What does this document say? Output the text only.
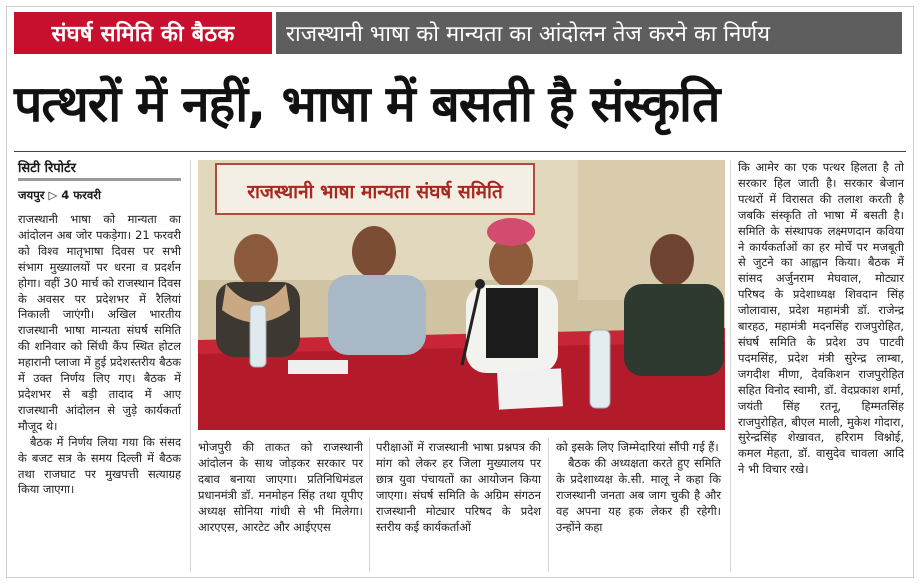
संघर्ष समिति की बैठक	राजस्थानी भाषा को मान्यता का आंदोलन तेज करने का निर्णय
पत्थरों में नहीं, भाषा में बसती है संस्कृति
सिटी रिपोर्टर
जयपुर ▷ 4 फरवरी

राजस्थानी भाषा को मान्यता का आंदोलन अब जोर पकड़ेगा। 21 फरवरी को विश्व मातृभाषा दिवस पर सभी संभाग मुख्यालयों पर धरना व प्रदर्शन होगा। वहीं 30 मार्च को राजस्थान दिवस के अवसर पर प्रदेशभर में रैलियां निकाली जाएंगी। अखिल भारतीय राजस्थानी भाषा मान्यता संघर्ष समिति की शनिवार को सिंधी कैंप स्थित होटल महारानी प्लाजा में हुई प्रदेशस्तरीय बैठक में उक्त निर्णय लिए गए। बैठक में प्रदेशभर से बड़ी तादाद में आए राजस्थानी आंदोलन से जुड़े कार्यकर्ता मौजूद थे।

बैठक में निर्णय लिया गया कि संसद के बजट सत्र के समय दिल्ली में बैठक तथा राजघाट पर मुखपत्ती सत्याग्रह किया जाएगा।

राजस्थानी भाषा मान्यता संघर्ष समिति

भोजपुरी की ताकत को राजस्थानी आंदोलन के साथ जोड़कर सरकार पर दबाव बनाया जाएगा। प्रतिनिधिमंडल प्रधानमंत्री डॉ. मनमोहन सिंह तथा यूपीए अध्यक्ष सोनिया गांधी से भी मिलेगा। आरएएस, आरटेट और आईएएस

परीक्षाओं में राजस्थानी भाषा प्रश्नपत्र की मांग को लेकर हर जिला मुख्यालय पर छात्र युवा पंचायतों का आयोजन किया जाएगा। संघर्ष समिति के अग्रिम संगठन राजस्थानी मोट्यार परिषद के प्रदेश स्तरीय कई कार्यकर्ताओं

को इसके लिए जिम्मेदारियां सौंपी गई हैं।

बैठक की अध्यक्षता करते हुए समिति के प्रदेशाध्यक्ष के.सी. मालू ने कहा कि राजस्थानी जनता अब जाग चुकी है और वह अपना यह हक लेकर ही रहेगी। उन्होंने कहा

कि आमेर का एक पत्थर हिलता है तो सरकार हिल जाती है। सरकार बेजान पत्थरों में विरासत की तलाश करती है जबकि संस्कृति तो भाषा में बसती है। समिति के संस्थापक लक्ष्मणदान कविया ने कार्यकर्ताओं का हर मोर्चे पर मजबूती से जुटने का आह्वान किया। बैठक में सांसद अर्जुनराम मेघवाल, मोट्यार परिषद के प्रदेशाध्यक्ष शिवदान सिंह जोलावास, प्रदेश महामंत्री डॉ. राजेन्द्र बारहठ, महामंत्री मदनसिंह राजपुरोहित, संघर्ष समिति के प्रदेश उप पाटवी पदमसिंह, प्रदेश मंत्री सुरेन्द्र लाम्बा, जगदीश मीणा, देवकिशन राजपुरोहित सहित विनोद स्वामी, डॉ. वेदप्रकाश शर्मा, जयंती सिंह रतनू, हिम्मतसिंह राजपुरोहित, बीएल माली, मुकेश गोदारा, सुरेन्द्रसिंह शेखावत, हरिराम विश्नोई, कमल मेहता, डॉ. वासुदेव चावला आदि ने भी विचार रखे।
